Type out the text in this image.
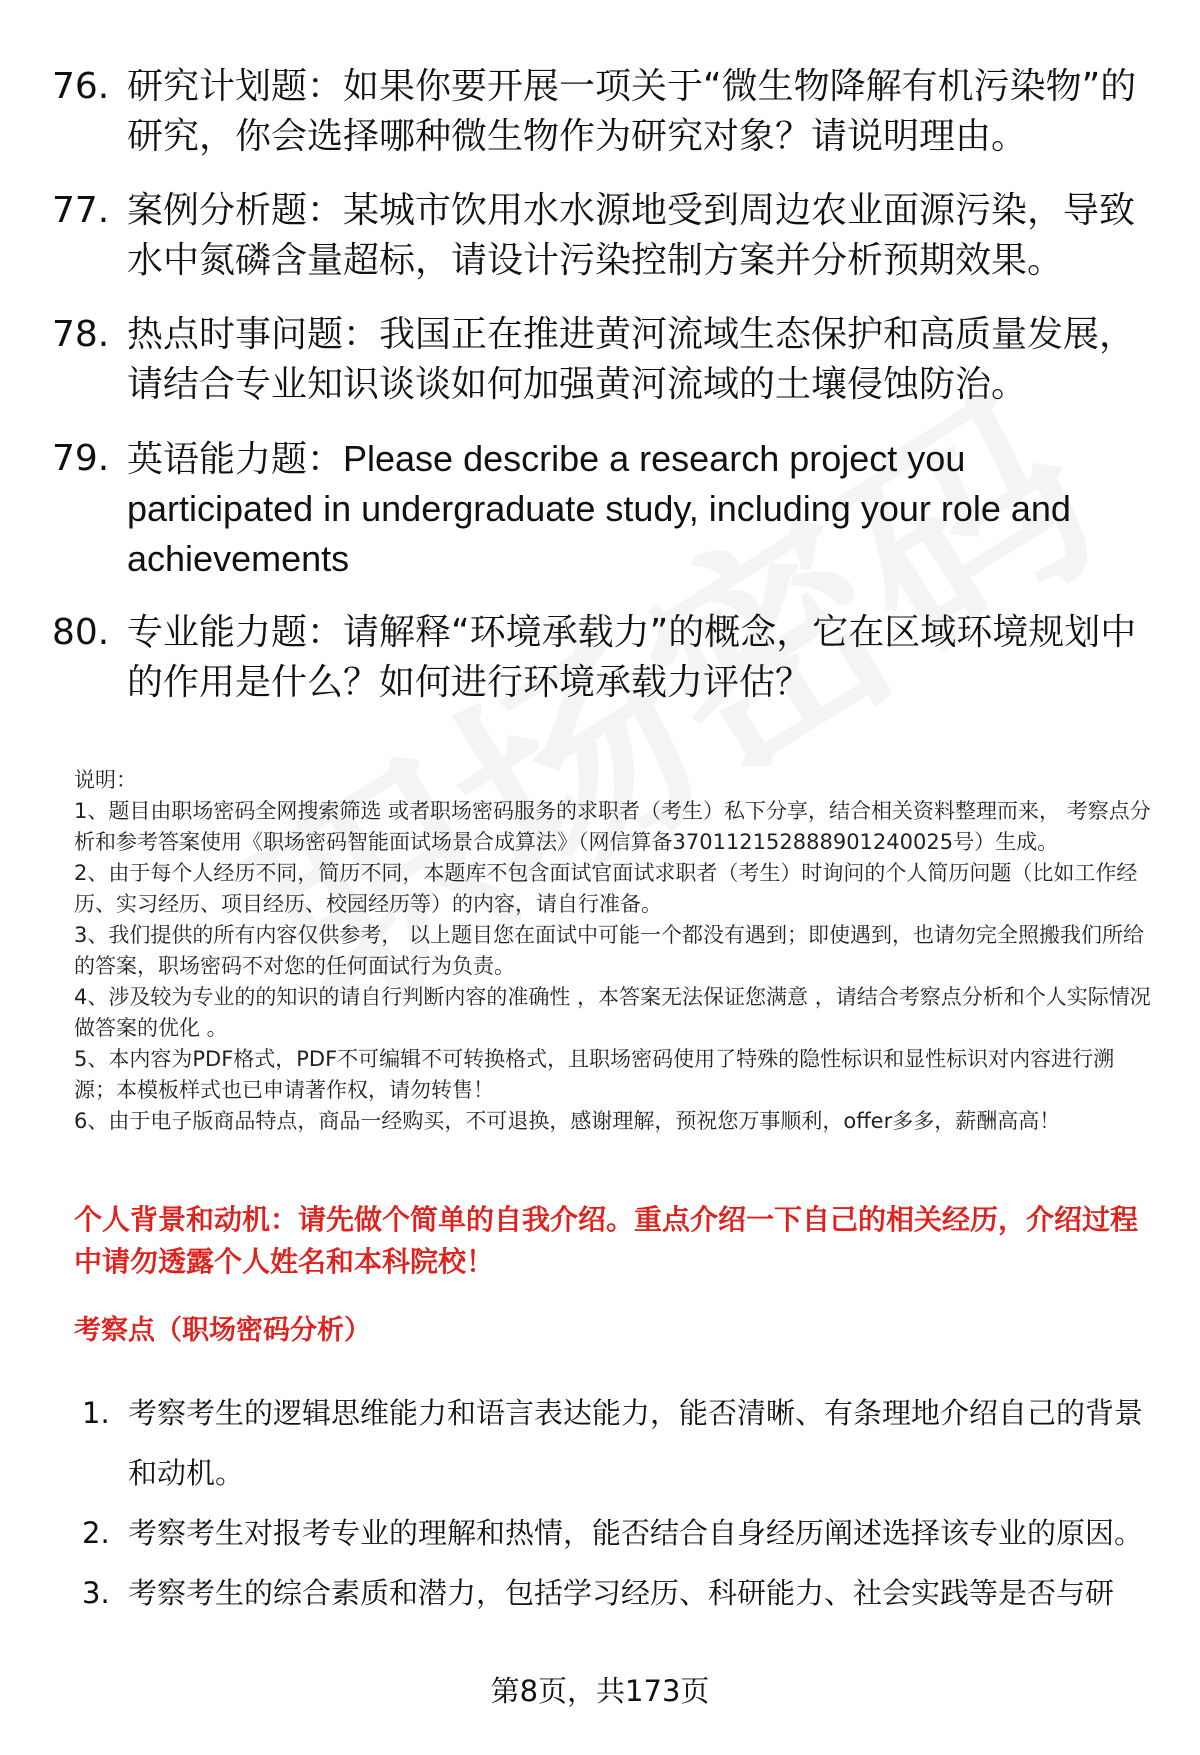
76. 研究计划题：如果你要开展一项关于“微生物降解有机污染物”的研究，你会选择哪种微生物作为研究对象？请说明理由。
77. 案例分析题：某城市饮用水水源地受到周边农业面源污染，导致水中氮磷含量超标，请设计污染控制方案并分析预期效果。
78. 热点时事问题：我国正在推进黄河流域生态保护和高质量发展，请结合专业知识谈谈如何加强黄河流域的土壤侵蚀防治。
79. 英语能力题：Please describe a research project you participated in undergraduate study, including your role and achievements
80. 专业能力题：请解释“环境承载力”的概念，它在区域环境规划中的作用是什么？如何进行环境承载力评估？

说明：

1、题目由职场密码全网搜索筛选 或者职场密码服务的求职者（考生）私下分享，结合相关资料整理而来， 考察点分析和参考答案使用《职场密码智能面试场景合成算法》（网信算备370112152888901240025号）生成。

2、由于每个人经历不同，简历不同，本题库不包含面试官面试求职者（考生）时询问的个人简历问题（比如工作经历、实习经历、项目经历、校园经历等）的内容，请自行准备。

3、我们提供的所有内容仅供参考， 以上题目您在面试中可能一个都没有遇到；即使遇到，也请勿完全照搬我们所给的答案，职场密码不对您的任何面试行为负责。

4、涉及较为专业的的知识的请自行判断内容的准确性 ，本答案无法保证您满意 ，请结合考察点分析和个人实际情况做答案的优化 。

5、本内容为PDF格式，PDF不可编辑不可转换格式，且职场密码使用了特殊的隐性标识和显性标识对内容进行溯源；本模板样式也已申请著作权，请勿转售！

6、由于电子版商品特点，商品一经购买，不可退换，感谢理解，预祝您万事顺利，offer多多，薪酬高高！

个人背景和动机：请先做个简单的自我介绍。重点介绍一下自己的相关经历，介绍过程中请勿透露个人姓名和本科院校！
考察点（职场密码分析）
1. 考察考生的逻辑思维能力和语言表达能力，能否清晰、有条理地介绍自己的背景和动机。
2. 考察考生对报考专业的理解和热情，能否结合自身经历阐述选择该专业的原因。
3. 考察考生的综合素质和潜力，包括学习经历、科研能力、社会实践等是否与研
第8页，共173页
